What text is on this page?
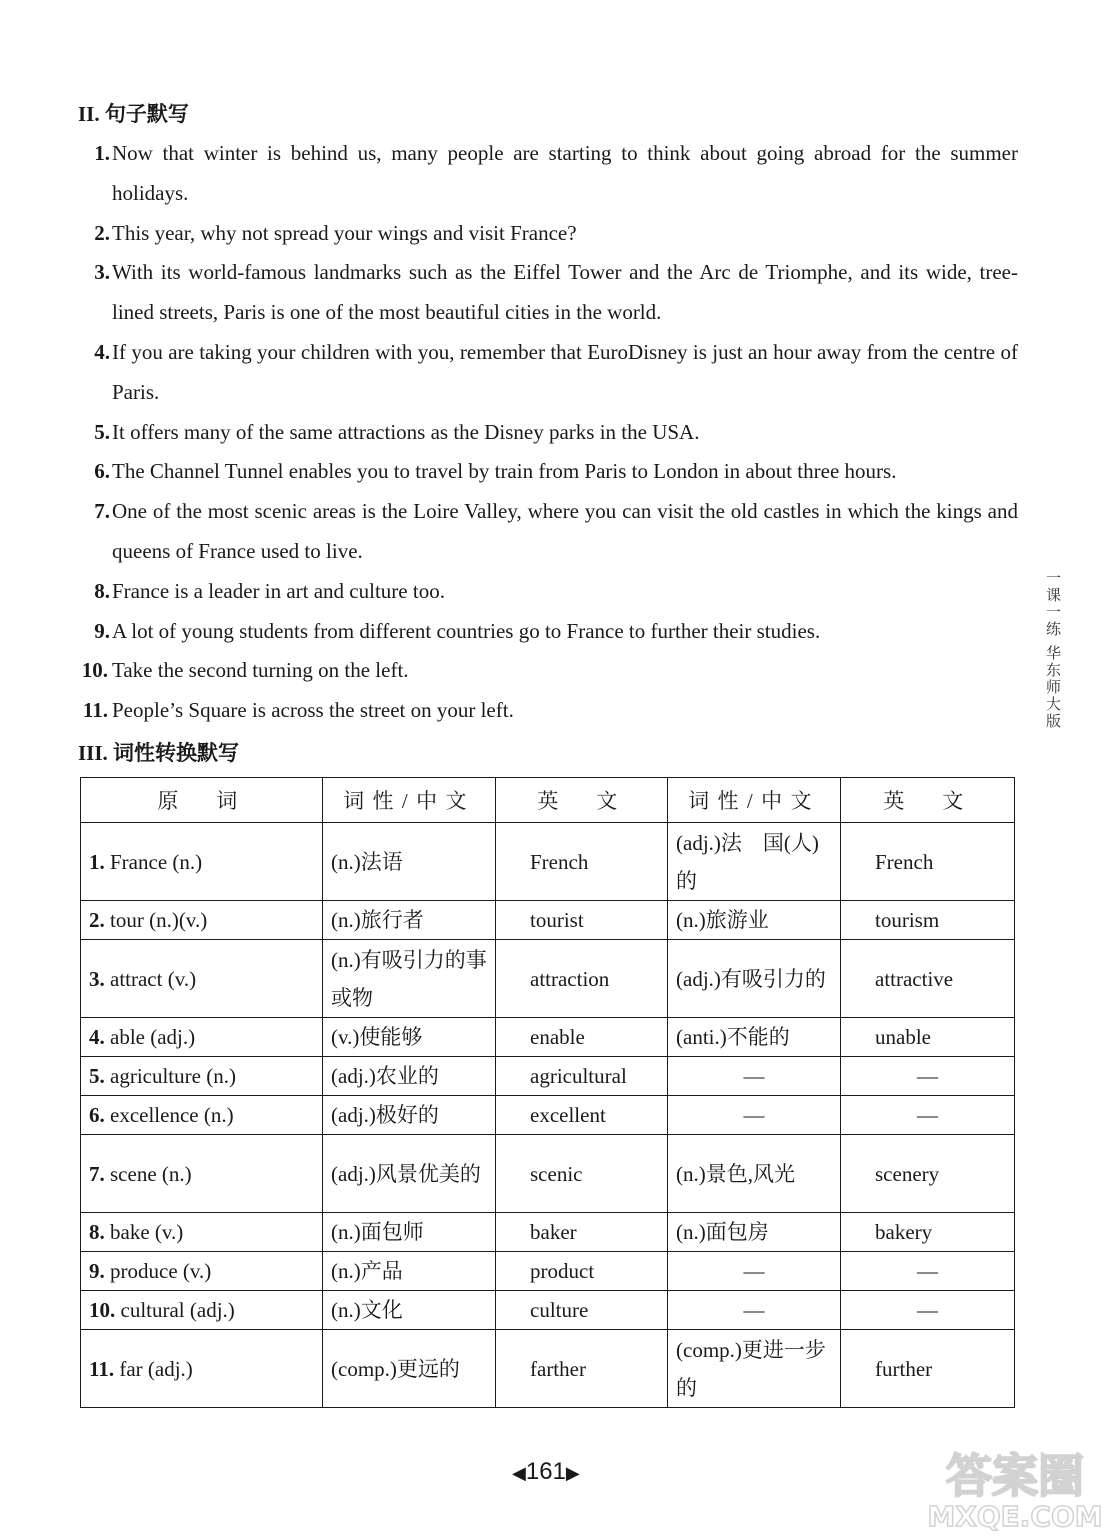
II. 句子默写
1. Now that winter is behind us, many people are starting to think about going abroad for the summer holidays.
2. This year, why not spread your wings and visit France?
3. With its world-famous landmarks such as the Eiffel Tower and the Arc de Triomphe, and its wide, tree-lined streets, Paris is one of the most beautiful cities in the world.
4. If you are taking your children with you, remember that EuroDisney is just an hour away from the centre of Paris.
5. It offers many of the same attractions as the Disney parks in the USA.
6. The Channel Tunnel enables you to travel by train from Paris to London in about three hours.
7. One of the most scenic areas is the Loire Valley, where you can visit the old castles in which the kings and queens of France used to live.
8. France is a leader in art and culture too.
9. A lot of young students from different countries go to France to further their studies.
10. Take the second turning on the left.
11. People’s Square is across the street on your left.
III. 词性转换默写
原　词	词性/中文	英　文	词性/中文	英　文
1. France (n.)	(n.)法语	French	(adj.)法　国(人)的	French
2. tour (n.)(v.)	(n.)旅行者	tourist	(n.)旅游业	tourism
3. attract (v.)	(n.)有吸引力的事或物	attraction	(adj.)有吸引力的	attractive
4. able (adj.)	(v.)使能够	enable	(anti.)不能的	unable
5. agriculture (n.)	(adj.)农业的	agricultural	—	—
6. excellence (n.)	(adj.)极好的	excellent	—	—
7. scene (n.)	(adj.)风景优美的	scenic	(n.)景色,风光	scenery
8. bake (v.)	(n.)面包师	baker	(n.)面包房	bakery
9. produce (v.)	(n.)产品	product	—	—
10. cultural (adj.)	(n.)文化	culture	—	—
11. far (adj.)	(comp.)更远的	farther	(comp.)更进一步的	further
一课一练 华东师大版
◀161▶	答案圈
MXQE.COM
